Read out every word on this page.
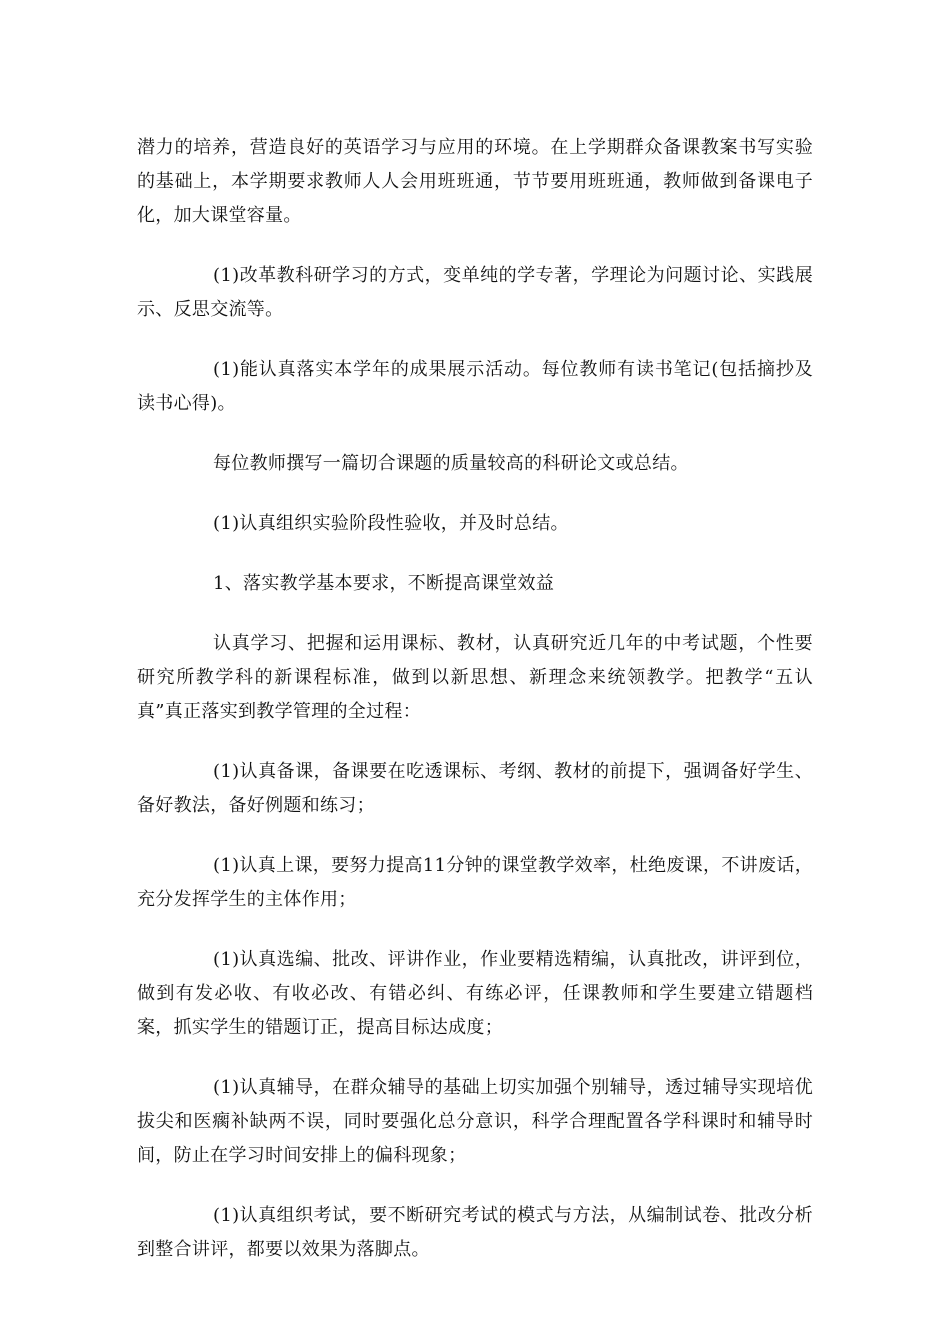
潜力的培养，营造良好的英语学习与应用的环境。在上学期群众备课教案书写实验的基础上，本学期要求教师人人会用班班通，节节要用班班通，教师做到备课电子化，加大课堂容量。

(1)改革教科研学习的方式，变单纯的学专著，学理论为问题讨论、实践展示、反思交流等。

(1)能认真落实本学年的成果展示活动。每位教师有读书笔记(包括摘抄及读书心得)。

每位教师撰写一篇切合课题的质量较高的科研论文或总结。

(1)认真组织实验阶段性验收，并及时总结。

1、落实教学基本要求，不断提高课堂效益

认真学习、把握和运用课标、教材，认真研究近几年的中考试题，个性要研究所教学科的新课程标准，做到以新思想、新理念来统领教学。把教学“五认真”真正落实到教学管理的全过程：

(1)认真备课，备课要在吃透课标、考纲、教材的前提下，强调备好学生、备好教法，备好例题和练习；

(1)认真上课，要努力提高11分钟的课堂教学效率，杜绝废课，不讲废话，充分发挥学生的主体作用；

(1)认真选编、批改、评讲作业，作业要精选精编，认真批改，讲评到位，做到有发必收、有收必改、有错必纠、有练必评，任课教师和学生要建立错题档案，抓实学生的错题订正，提高目标达成度；

(1)认真辅导，在群众辅导的基础上切实加强个别辅导，透过辅导实现培优拔尖和医瘸补缺两不误，同时要强化总分意识，科学合理配置各学科课时和辅导时间，防止在学习时间安排上的偏科现象；

(1)认真组织考试，要不断研究考试的模式与方法，从编制试卷、批改分析到整合讲评，都要以效果为落脚点。
